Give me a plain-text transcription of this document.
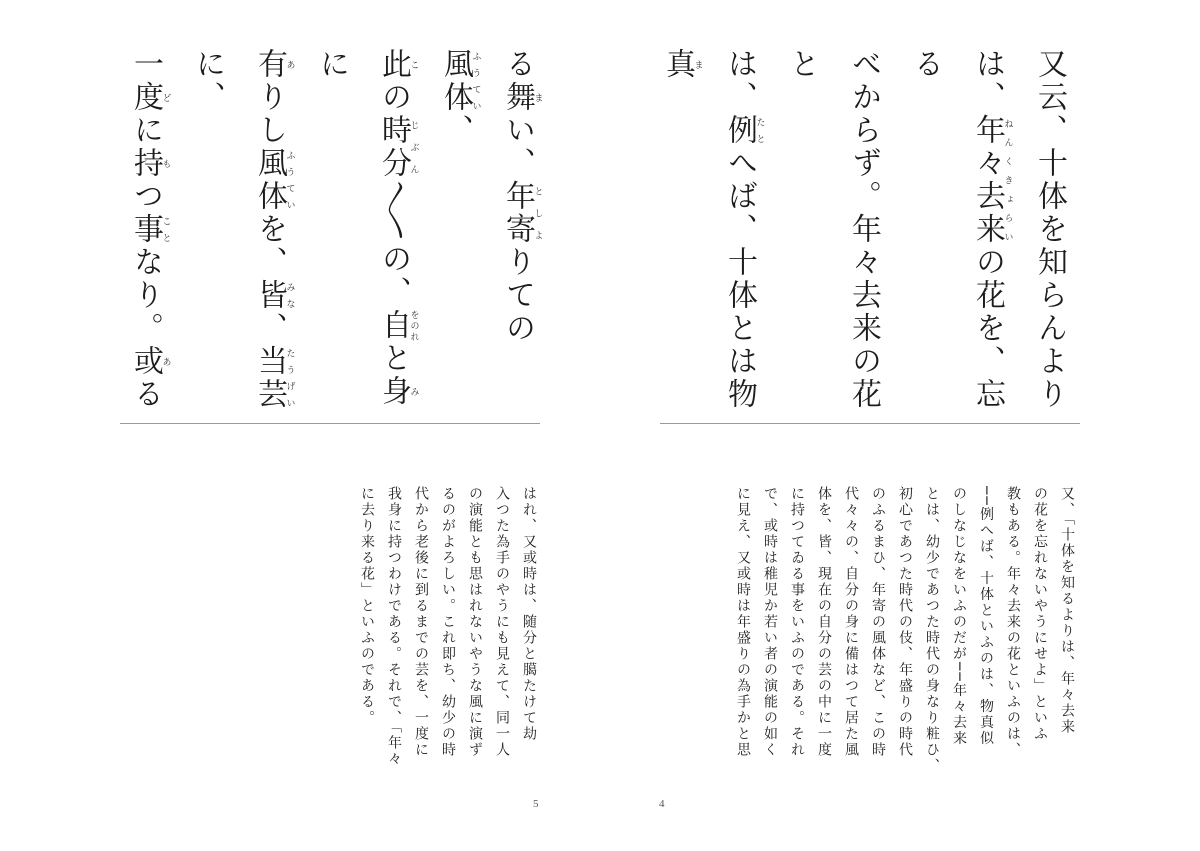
る舞まい、年寄としよりての風体ふうてい、
此この時分じぶん〱の、自をのれと身みに
有ありし風体ふうていを、皆みな、当芸たうげいに、
一度どに持もつ事ことなり。或ある
又云、十体を知らんより
は、年々去来ねんくきょらいの花を、忘る
べからず。年々去来の花と
は、例たとへば、十体とは物真ま
はれ、又或時は、随分と臈たけて劫
入つた為手のやうにも見えて、同一人
の演能とも思はれないやうな風に演ず
るのがよろしい。これ即ち、幼少の時
代から老後に到るまでの芸を、一度に
我身に持つわけである。それで、「年々
に去り来る花」といふのである。	又、「十体を知るよりは、年々去来
の花を忘れないやうにせよ」といふ
教もある。年々去来の花といふのは、
──例へば、十体といふのは、物真似
のしなじなをいふのだが──年々去来
とは、幼少であつた時代の身なり粧ひ、
初心であつた時代の伎、年盛りの時代
のふるまひ、年寄の風体など、この時
代々々の、自分の身に備はつて居た風
体を、皆、現在の自分の芸の中に一度
に持つてゐる事をいふのである。それ
で、或時は稚児か若い者の演能の如く
に見え、又或時は年盛りの為手かと思
5	4
